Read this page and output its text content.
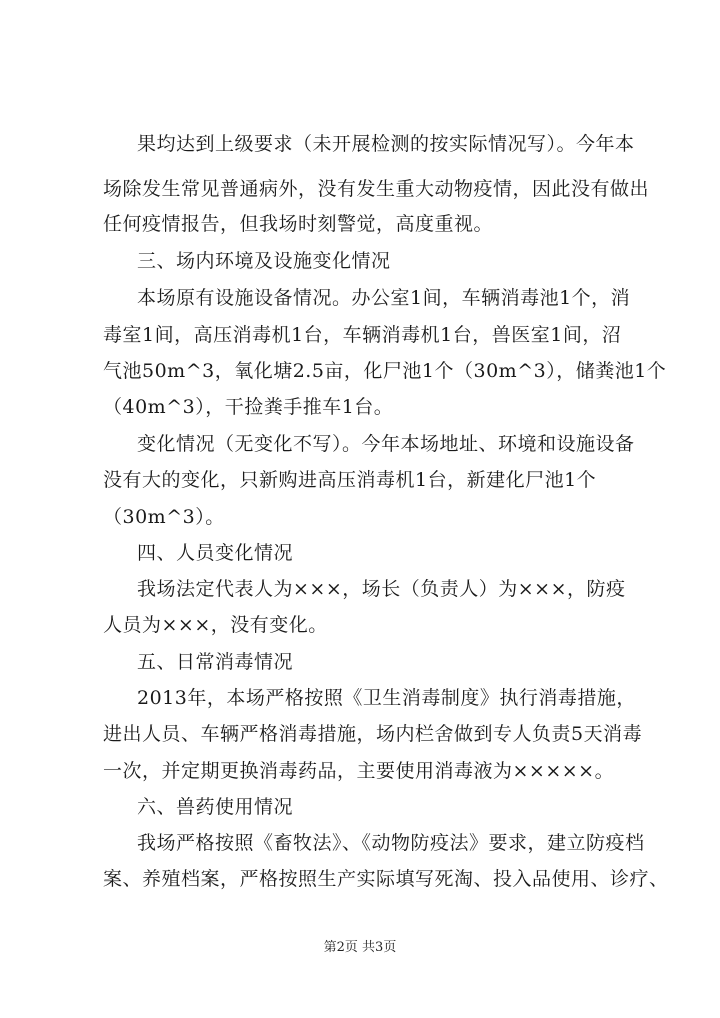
果均达到上级要求（未开展检测的按实际情况写）。今年本
场除发生常见普通病外，没有发生重大动物疫情，因此没有做出
任何疫情报告，但我场时刻警觉，高度重视。
三、场内环境及设施变化情况
本场原有设施设备情况。办公室1间，车辆消毒池1个，消
毒室1间，高压消毒机1台，车辆消毒机1台，兽医室1间，沼
气池50m^3，氧化塘2.5亩，化尸池1个（30m^3），储粪池1个
（40m^3），干捡粪手推车1台。
变化情况（无变化不写）。今年本场地址、环境和设施设备
没有大的变化，只新购进高压消毒机1台，新建化尸池1个
（30m^3）。
四、人员变化情况
我场法定代表人为×××，场长（负责人）为×××，防疫
人员为×××，没有变化。
五、日常消毒情况
2013年，本场严格按照《卫生消毒制度》执行消毒措施，
进出人员、车辆严格消毒措施，场内栏舍做到专人负责5天消毒
一次，并定期更换消毒药品，主要使用消毒液为×××××。
六、兽药使用情况
我场严格按照《畜牧法》、《动物防疫法》要求，建立防疫档
案、养殖档案，严格按照生产实际填写死淘、投入品使用、诊疗、
第2页 共3页
